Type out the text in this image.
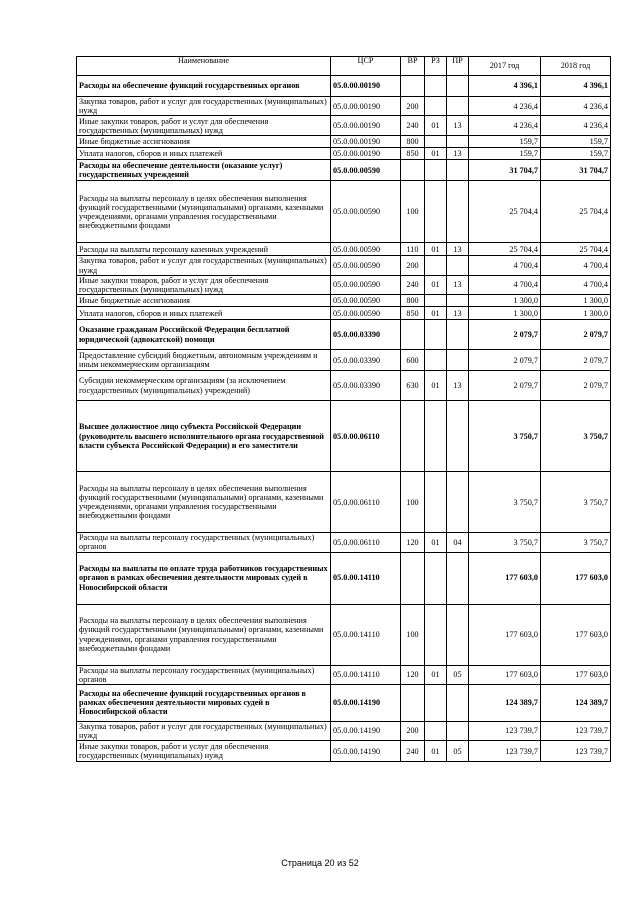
Наименование	ЦСР	ВР	РЗ	ПР	2017 год	2018 год
Расходы на обеспечение функций государственных органов	05.0.00.00190				4 396,1	4 396,1
Закупка товаров, работ и услуг для государственных (муниципальных) нужд	05.0.00.00190	200			4 236,4	4 236,4
Иные закупки товаров, работ и услуг для обеспечения государственных (муниципальных) нужд	05.0.00.00190	240	01	13	4 236,4	4 236,4
Иные бюджетные ассигнования	05.0.00.00190	800			159,7	159,7
Уплата налогов, сборов и иных платежей	05.0.00.00190	850	01	13	159,7	159,7
Расходы на обеспечение деятельности (оказание услуг) государственных учреждений	05.0.00.00590				31 704,7	31 704,7
Расходы на выплаты персоналу в целях обеспечения выполнения функций государственными (муниципальными) органами, казенными учреждениями, органами управления государственными внебюджетными фондами	05.0.00.00590	100			25 704,4	25 704,4
Расходы на выплаты персоналу казенных учреждений	05.0.00.00590	110	01	13	25 704,4	25 704,4
Закупка товаров, работ и услуг для государственных (муниципальных) нужд	05.0.00.00590	200			4 700,4	4 700,4
Иные закупки товаров, работ и услуг для обеспечения государственных (муниципальных) нужд	05.0.00.00590	240	01	13	4 700,4	4 700,4
Иные бюджетные ассигнования	05.0.00.00590	800			1 300,0	1 300,0
Уплата налогов, сборов и иных платежей	05.0.00.00590	850	01	13	1 300,0	1 300,0
Оказание гражданам Российской Федерации бесплатной юридической (адвокатской) помощи	05.0.00.03390				2 079,7	2 079,7
Предоставление субсидий бюджетным, автономным учреждениям и иным некоммерческим организациям	05.0.00.03390	600			2 079,7	2 079,7
Субсидии некоммерческим организациям (за исключением государственных (муниципальных) учреждений)	05.0.00.03390	630	01	13	2 079,7	2 079,7
Высшее должностное лицо субъекта Российской Федерации (руководитель высшего исполнительного органа государственной власти субъекта Российской Федерации) и его заместители	05.0.00.06110				3 750,7	3 750,7
Расходы на выплаты персоналу в целях обеспечения выполнения функций государственными (муниципальными) органами, казенными учреждениями, органами управления государственными внебюджетными фондами	05.0.00.06110	100			3 750,7	3 750,7
Расходы на выплаты персоналу государственных (муниципальных) органов	05.0.00.06110	120	01	04	3 750,7	3 750,7
Расходы на выплаты по оплате труда работников государственных органов в рамках обеспечения деятельности мировых судей в Новосибирской области	05.0.00.14110				177 603,0	177 603,0
Расходы на выплаты персоналу в целях обеспечения выполнения функций государственными (муниципальными) органами, казенными учреждениями, органами управления государственными внебюджетными фондами	05.0.00.14110	100			177 603,0	177 603,0
Расходы на выплаты персоналу государственных (муниципальных) органов	05.0.00.14110	120	01	05	177 603,0	177 603,0
Расходы на обеспечение функций государственных органов в рамках обеспечения деятельности мировых судей в Новосибирской области	05.0.00.14190				124 389,7	124 389,7
Закупка товаров, работ и услуг для государственных (муниципальных) нужд	05.0.00.14190	200			123 739,7	123 739,7
Иные закупки товаров, работ и услуг для обеспечения государственных (муниципальных) нужд	05.0.00.14190	240	01	05	123 739,7	123 739,7
Страница 20 из 52
